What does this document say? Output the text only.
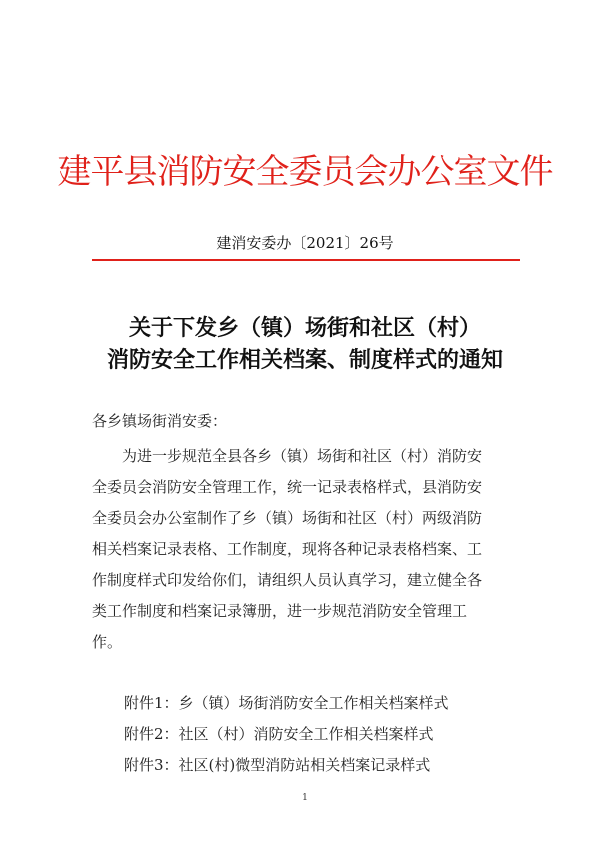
建平县消防安全委员会办公室文件
建消安委办〔2021〕26号
关于下发乡（镇）场街和社区（村）
消防安全工作相关档案、制度样式的通知
各乡镇场街消安委：
　　为进一步规范全县各乡（镇）场街和社区（村）消防安
全委员会消防安全管理工作，统一记录表格样式，县消防安
全委员会办公室制作了乡（镇）场街和社区（村）两级消防
相关档案记录表格、工作制度，现将各种记录表格档案、工
作制度样式印发给你们，请组织人员认真学习，建立健全各
类工作制度和档案记录簿册，进一步规范消防安全管理工
作。
附件1：乡（镇）场街消防安全工作相关档案样式
附件2：社区（村）消防安全工作相关档案样式
附件3：社区(村)微型消防站相关档案记录样式
1
